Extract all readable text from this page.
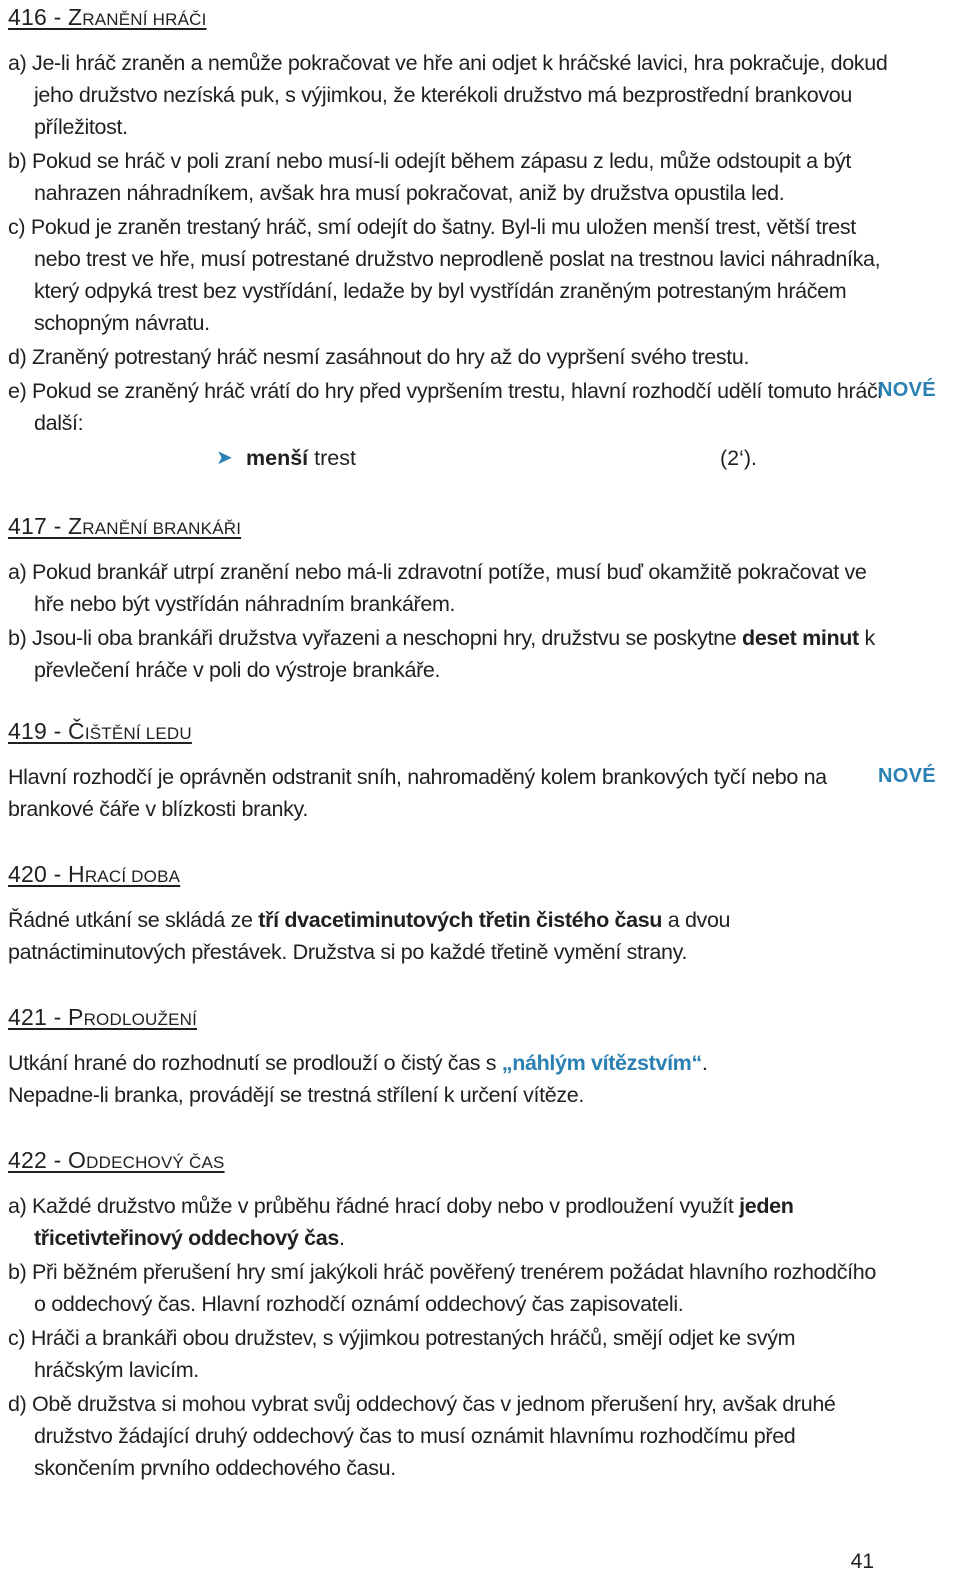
416 - ZRANĚNÍ HRÁČI

a) Je-li hráč zraněn a nemůže pokračovat ve hře ani odjet k hráčské lavici, hra pokračuje, dokud jeho družstvo nezíská puk, s výjimkou, že kterékoli družstvo má bezprostřední brankovou příležitost.

b) Pokud se hráč v poli zraní nebo musí-li odejít během zápasu z ledu, může odstoupit a být nahrazen náhradníkem, avšak hra musí pokračovat, aniž by družstva opustila led.

c) Pokud je zraněn trestaný hráč, smí odejít do šatny. Byl-li mu uložen menší trest, větší trest nebo trest ve hře, musí potrestané družstvo neprodleně poslat na trestnou lavici náhradníka, který odpyká trest bez vystřídání, ledaže by byl vystřídán zraněným potrestaným hráčem schopným návratu.

d) Zraněný potrestaný hráč nesmí zasáhnout do hry až do vypršení svého trestu.

e) Pokud se zraněný hráč vrátí do hry před vypršením trestu, hlavní rozhodčí udělí tomuto hráči další:

NOVÉ
➤ menší trest	(2‘).
417 - ZRANĚNÍ BRANKÁŘI

a) Pokud brankář utrpí zranění nebo má-li zdravotní potíže, musí buď okamžitě pokračovat ve hře nebo být vystřídán náhradním brankářem.

b) Jsou-li oba brankáři družstva vyřazeni a neschopni hry, družstvu se poskytne deset minut k převlečení hráče v poli do výstroje brankáře.

419 - ČIŠTĚNÍ LEDU

Hlavní rozhodčí je oprávněn odstranit sníh, nahromaděný kolem brankových tyčí nebo na brankové čáře v blízkosti branky.

NOVÉ
420 - HRACÍ DOBA

Řádné utkání se skládá ze tří dvacetiminutových třetin čistého času a dvou patnáctiminutových přestávek. Družstva si po každé třetině vymění strany.

421 - PRODLOUŽENÍ

Utkání hrané do rozhodnutí se prodlouží o čistý čas s „náhlým vítězstvím“.

Nepadne-li branka, provádějí se trestná střílení k určení vítěze.

422 - ODDECHOVÝ ČAS

a) Každé družstvo může v průběhu řádné hrací doby nebo v prodloužení využít jeden třicetivteřinový oddechový čas.

b) Při běžném přerušení hry smí jakýkoli hráč pověřený trenérem požádat hlavního rozhodčího o oddechový čas. Hlavní rozhodčí oznámí oddechový čas zapisovateli.

c) Hráči a brankáři obou družstev, s výjimkou potrestaných hráčů, smějí odjet ke svým hráčským lavicím.

d) Obě družstva si mohou vybrat svůj oddechový čas v jednom přerušení hry, avšak druhé družstvo žádající druhý oddechový čas to musí oznámit hlavnímu rozhodčímu před skončením prvního oddechového času.

41
